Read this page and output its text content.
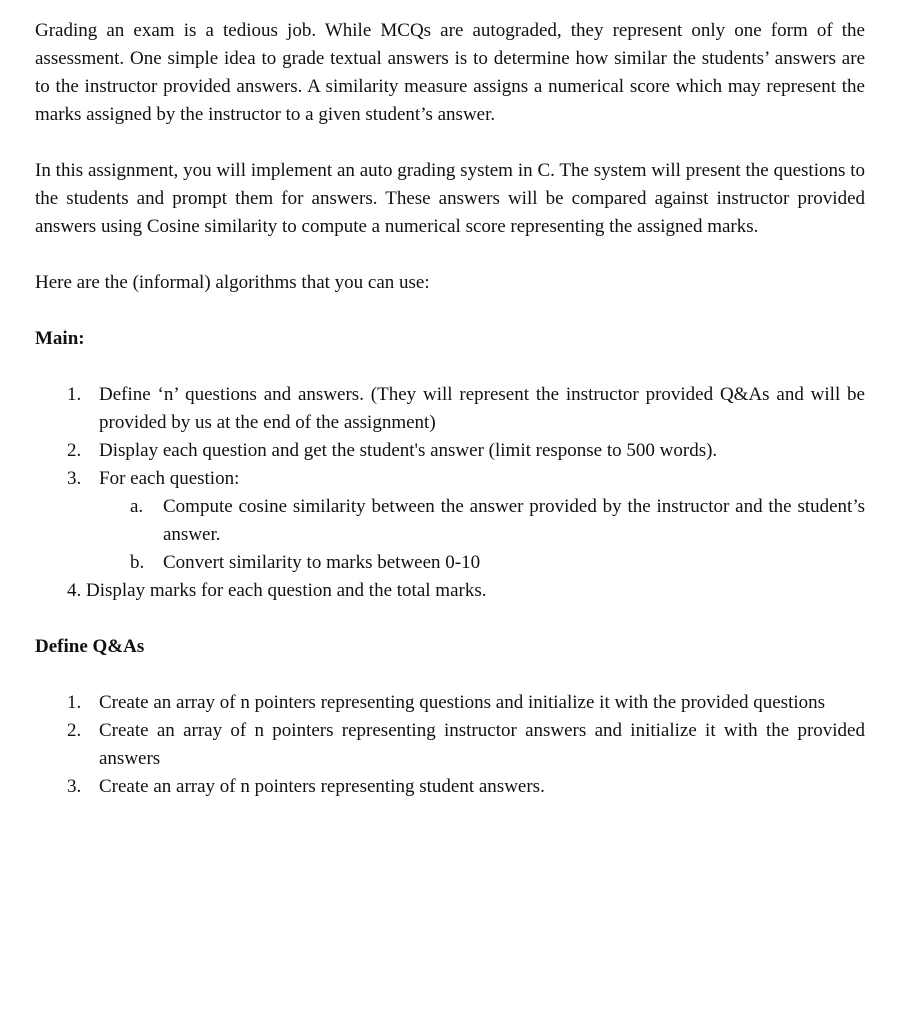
Grading an exam is a tedious job. While MCQs are autograded, they represent only one form of the assessment. One simple idea to grade textual answers is to determine how similar the students’ answers are to the instructor provided answers. A similarity measure assigns a numerical score which may represent the marks assigned by the instructor to a given student’s answer.

In this assignment, you will implement an auto grading system in C. The system will present the questions to the students and prompt them for answers. These answers will be compared against instructor provided answers using Cosine similarity to compute a numerical score representing the assigned marks.

Here are the (informal) algorithms that you can use:

Main:

1. Define ‘n’ questions and answers. (They will represent the instructor provided Q&As and will be provided by us at the end of the assignment)
2. Display each question and get the student's answer (limit response to 500 words).
3. For each question:
a. Compute cosine similarity between the answer provided by the instructor and the student’s answer.
b. Convert similarity to marks between 0-10

4. Display marks for each question and the total marks.

Define Q&As

1. Create an array of n pointers representing questions and initialize it with the provided questions
2. Create an array of n pointers representing instructor answers and initialize it with the provided answers
3. Create an array of n pointers representing student answers.
